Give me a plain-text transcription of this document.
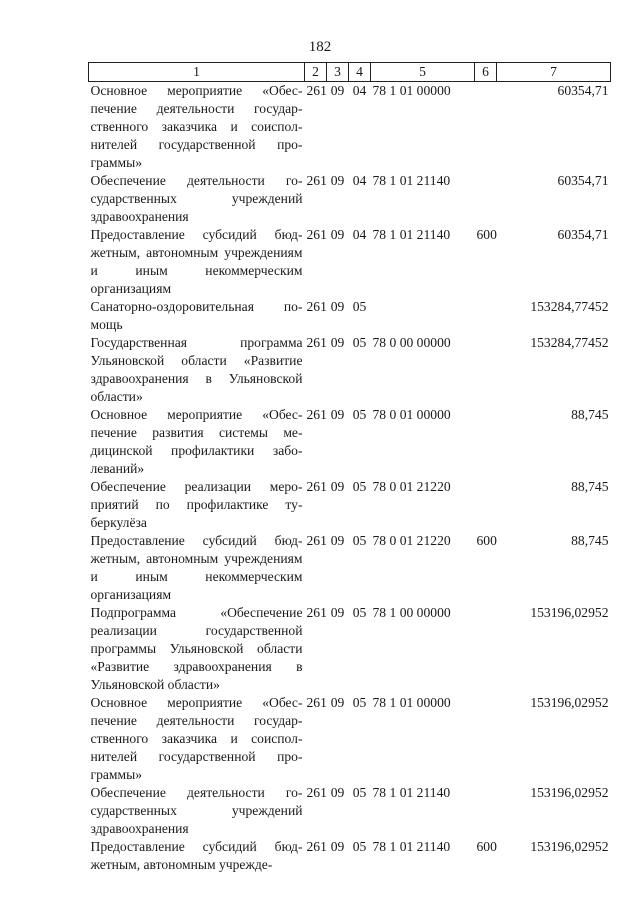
182
1	2	3	4	5	6	7
Основное мероприятие «Обеспечение деятельности государственного заказчика и соисполнителей государственной программы»	261	09	04	78 1 01 00000		60354,71
Обеспечение деятельности государственных учреждений здравоохранения	261	09	04	78 1 01 21140		60354,71
Предоставление субсидий бюджетным, автономным учреждениям и иным некоммерческим организациям	261	09	04	78 1 01 21140	600	60354,71
Санаторно-оздоровительная помощь	261	09	05			153284,77452
Государственная программа Ульяновской области «Развитие здравоохранения в Ульяновской области»	261	09	05	78 0 00 00000		153284,77452
Основное мероприятие «Обеспечение развития системы медицинской профилактики заболеваний»	261	09	05	78 0 01 00000		88,745
Обеспечение реализации мероприятий по профилактике туберкулёза	261	09	05	78 0 01 21220		88,745
Предоставление субсидий бюджетным, автономным учреждениям и иным некоммерческим организациям	261	09	05	78 0 01 21220	600	88,745
Подпрограмма «Обеспечение реализации государственной программы Ульяновской области «Развитие здравоохранения в Ульяновской области»	261	09	05	78 1 00 00000		153196,02952
Основное мероприятие «Обеспечение деятельности государственного заказчика и соисполнителей государственной программы»	261	09	05	78 1 01 00000		153196,02952
Обеспечение деятельности государственных учреждений здравоохранения	261	09	05	78 1 01 21140		153196,02952
Предоставление субсидий бюджетным, автономным учрежде-	261	09	05	78 1 01 21140	600	153196,02952
